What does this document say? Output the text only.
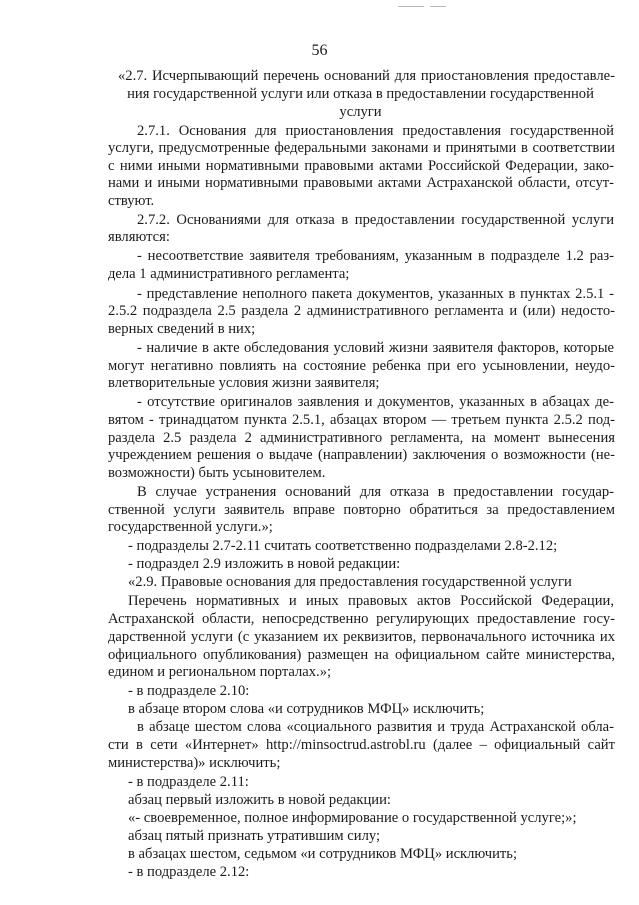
56
«2.7. Исчерпывающий перечень оснований для приостановления предоставле-
ния государственной услуги или отказа в предоставлении государственной
услуги
2.7.1. Основания для приостановления предоставления государственной
услуги, предусмотренные федеральными законами и принятыми в соответствии
с ними иными нормативными правовыми актами Российской Федерации, зако-
нами и иными нормативными правовыми актами Астраханской области, отсут-
ствуют.
2.7.2. Основаниями для отказа в предоставлении государственной услуги
являются:
- несоответствие заявителя требованиям, указанным в подразделе 1.2 раз-
дела 1 административного регламента;
- представление неполного пакета документов, указанных в пунктах 2.5.1 -
2.5.2 подраздела 2.5 раздела 2 административного регламента и (или) недосто-
верных сведений в них;
- наличие в акте обследования условий жизни заявителя факторов, которые
могут негативно повлиять на состояние ребенка при его усыновлении, неудо-
влетворительные условия жизни заявителя;
- отсутствие оригиналов заявления и документов, указанных в абзацах де-
вятом - тринадцатом пункта 2.5.1, абзацах втором — третьем пункта 2.5.2 под-
раздела 2.5 раздела 2 административного регламента, на момент вынесения
учреждением решения о выдаче (направлении) заключения о возможности (не-
возможности) быть усыновителем.
В случае устранения оснований для отказа в предоставлении государ-
ственной услуги заявитель вправе повторно обратиться за предоставлением
государственной услуги.»;
- подразделы 2.7-2.11 считать соответственно подразделами 2.8-2.12;
- подраздел 2.9 изложить в новой редакции:
«2.9. Правовые основания для предоставления государственной услуги
Перечень нормативных и иных правовых актов Российской Федерации,
Астраханской области, непосредственно регулирующих предоставление госу-
дарственной услуги (с указанием их реквизитов, первоначального источника их
официального опубликования) размещен на официальном сайте министерства,
едином и региональном порталах.»;
- в подразделе 2.10:
в абзаце втором слова «и сотрудников МФЦ» исключить;
в абзаце шестом слова «социального развития и труда Астраханской обла-
сти в сети «Интернет» http://minsoctrud.astrobl.ru (далее – официальный сайт
министерства)» исключить;
- в подразделе 2.11:
абзац первый изложить в новой редакции:
«- своевременное, полное информирование о государственной услуге;»;
абзац пятый признать утратившим силу;
в абзацах шестом, седьмом «и сотрудников МФЦ» исключить;
- в подразделе 2.12:
